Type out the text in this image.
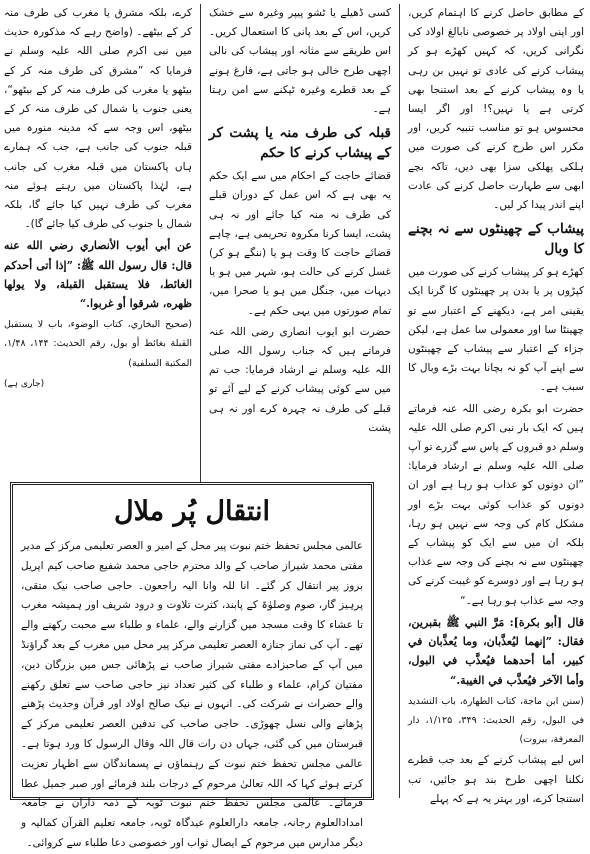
کے مطابق حاصل کرنے کا اہتمام کریں، اور اپنی اولاد پر خصوصی نابالغ اولاد کی نگرانی کریں، کہ کہیں کھڑے ہو کر پیشاب کرنے کی عادی تو نہیں بن رہی یا وہ پیشاب کرنے کے بعد استنجا بھی کرتی ہے یا نہیں؟! اور اگر ایسا محسوس ہو تو مناسب تنبیہ کریں، اور مکرر اس طرح کرنے کی صورت میں ہلکی پھلکی سزا بھی دیں، تاکہ بچے ابھی سے طہارت حاصل کرنے کی عادت اپنے اندر پیدا کر لیں۔

پیشاب کے چھینٹوں سے نہ بچنے کا وبال

کھڑے ہو کر پیشاب کرنے کی صورت میں کپڑوں پر یا بدن پر چھینٹوں کا گرنا ایک یقینی امر ہے، دیکھنے کے اعتبار سے تو چھینٹا سا اور معمولی سا عمل ہے، لیکن جزاء کے اعتبار سے پیشاب کے چھینٹوں سے اپنے آپ کو نہ بچانا بہت بڑے وبال کا سبب ہے۔

حضرت ابو بکرہ رضی اللہ عنہ فرماتے ہیں کہ ایک بار نبی اکرم صلی اللہ علیہ وسلم دو قبروں کے پاس سے گزرے تو آپ صلی اللہ علیہ وسلم نے ارشاد فرمایا: ”ان دونوں کو عذاب ہو رہا ہے اور ان دونوں کو عذاب کوئی بہت بڑے اور مشکل کام کی وجہ سے نہیں ہو رہا، بلکہ ان میں سے ایک کو پیشاب کے چھینٹوں سے نہ بچنے کی وجہ سے عذاب ہو رہا ہے اور دوسرے کو غیبت کرنے کی وجہ سے عذاب ہو رہا ہے۔“

قال [أبو بكرة]: مَرَّ النبي ﷺ بقبرين، فقال: ”إنهما ليُعذَّبان، وما يُعذَّبان في كبير، أما أحدهما فيُعذَّب في البول، وأما الآخر فيُعذَّب في الغيبة.“

(سنن ابن ماجة، كتاب الطهارة، باب التشديد في البول، رقم الحديث: ۳۴۹، ۱/۱۲۵، دار المعرفة، بيروت)

اس لیے پیشاب کرنے کے بعد جب قطرے نکلنا اچھی طرح بند ہو جائیں، تب استنجا کرے، اور بہتر یہ ہے کہ پہلے

کسی ڈھیلے یا ٹشو پیپر وغیرہ سے خشک کریں، اس کے بعد پانی کا استعمال کریں۔ اس طریقے سے مثانہ اور پیشاب کی نالی اچھی طرح خالی ہو جاتی ہے، فارغ ہونے کے بعد قطرے وغیرہ ٹپکنے سے امن رہتا ہے۔

قبلہ کی طرف منہ یا پشت کر کے پیشاب کرنے کا حکم

قضائے حاجت کے احکام میں سے ایک حکم یہ بھی ہے کہ اس عمل کے دوران قبلے کی طرف نہ منہ کیا جائے اور نہ ہی پشت، ایسا کرنا مکروہ تحریمی ہے، چاہے قضائے حاجت کا وقت ہو یا (ننگے ہو کر) غسل کرنے کی حالت ہو، شہر میں ہو یا دیہات میں، جنگل میں ہو یا صحرا میں، تمام صورتوں میں یہی حکم ہے۔

حضرت ابو ایوب انصاری رضی اللہ عنہ فرماتے ہیں کہ جناب رسول اللہ صلی اللہ علیہ وسلم نے ارشاد فرمایا: جب تم میں سے کوئی پیشاب کرنے کے لیے آئے تو قبلے کی طرف نہ چہرہ کرے اور نہ ہی پشت

کرے، بلکہ مشرق یا مغرب کی طرف منہ کر کے بیٹھے۔ (واضح رہے کہ مذکورہ حدیث میں نبی اکرم صلی اللہ علیہ وسلم نے فرمایا کہ ”مشرق کی طرف منہ کر کے بیٹھو یا مغرب کی طرف منہ کر کے بیٹھو“، یعنی جنوب یا شمال کی طرف منہ کر کے بیٹھو، اس وجہ سے کہ مدینہ منورہ میں قبلہ جنوب کی جانب ہے، جب کہ ہمارے ہاں پاکستان میں قبلہ مغرب کی جانب ہے، لہٰذا پاکستان میں رہتے ہوئے منہ مغرب کی طرف نہیں کیا جائے گا، بلکہ شمال یا جنوب کی طرف کیا جائے گا)۔

عن أبي أيوب الأنصاري رضي الله عنه قال: قال رسول الله ﷺ: ”إذا أتى أحدكم الغائط، فلا يستقبل القبلة، ولا يولها ظهره، شرقوا أو غربوا.“

(صحيح البخاري، كتاب الوضوء، باب لا يستقبل القبلة بغائط أو بول، رقم الحديث: ۱۴۴، ۱/۴۸، المكتبة السلفية)

(جاری ہے)

انتقال پُر ملال
عالمی مجلس تحفظ ختم نبوت پیر محل کے امیر و العصر تعلیمی مرکز کے مدیر مفتی محمد شیراز صاحب کے والد محترم حاجی محمد شفیع صاحب کیم اپریل بروز پیر انتقال کر گئے۔ انا للہ وانا الیہ راجعون۔ حاجی صاحب نیک متقی، پرہیز گار، صوم وصلوٰۃ کے پابند، کثرت تلاوت و درود شریف اور ہمیشہ مغرب تا عشاء کا وقت مسجد میں گزارنے والے، علماء و طلباء سے محبت رکھنے والے تھے۔ آپ کی نماز جنازہ العصر تعلیمی مرکز پیر محل میں مغرب کے بعد گراؤنڈ میں آپ کے صاحبزادے مفتی شیراز صاحب نے پڑھائی جس میں بزرگان دین، مفتیان کرام، علماء و طلباء کی کثیر تعداد نیز حاجی صاحب سے تعلق رکھنے والے حضرات نے شرکت کی۔ انہوں نے نیک صالح اولاد اور قرآن وحدیث پڑھنے پڑھانے والی نسل چھوڑی۔ حاجی صاحب کی تدفین العصر تعلیمی مرکز کے قبرستان میں کی گئی، جہاں دن رات قال اللہ وقال الرسول کا ورد ہوتا ہے۔ عالمی مجلس تحفظ ختم نبوت کے رہنماؤں نے پسماندگان سے اظہار تعزیت کرتے ہوئے کہا کہ اللہ تعالیٰ مرحوم کے درجات بلند فرمائے اور صبر جمیل عطا فرمائے۔ عالمی مجلس تحفظ ختم نبوت ٹوبہ کے ذمہ داران نے جامعہ امدادالعلوم رجانہ، جامعہ دارالعلوم عیدگاہ ٹوبہ، جامعہ تعلیم القرآن کمالیہ و دیگر مدارس میں مرحوم کے ایصال ثواب اور خصوصی دعا طلباء سے کروائی۔
